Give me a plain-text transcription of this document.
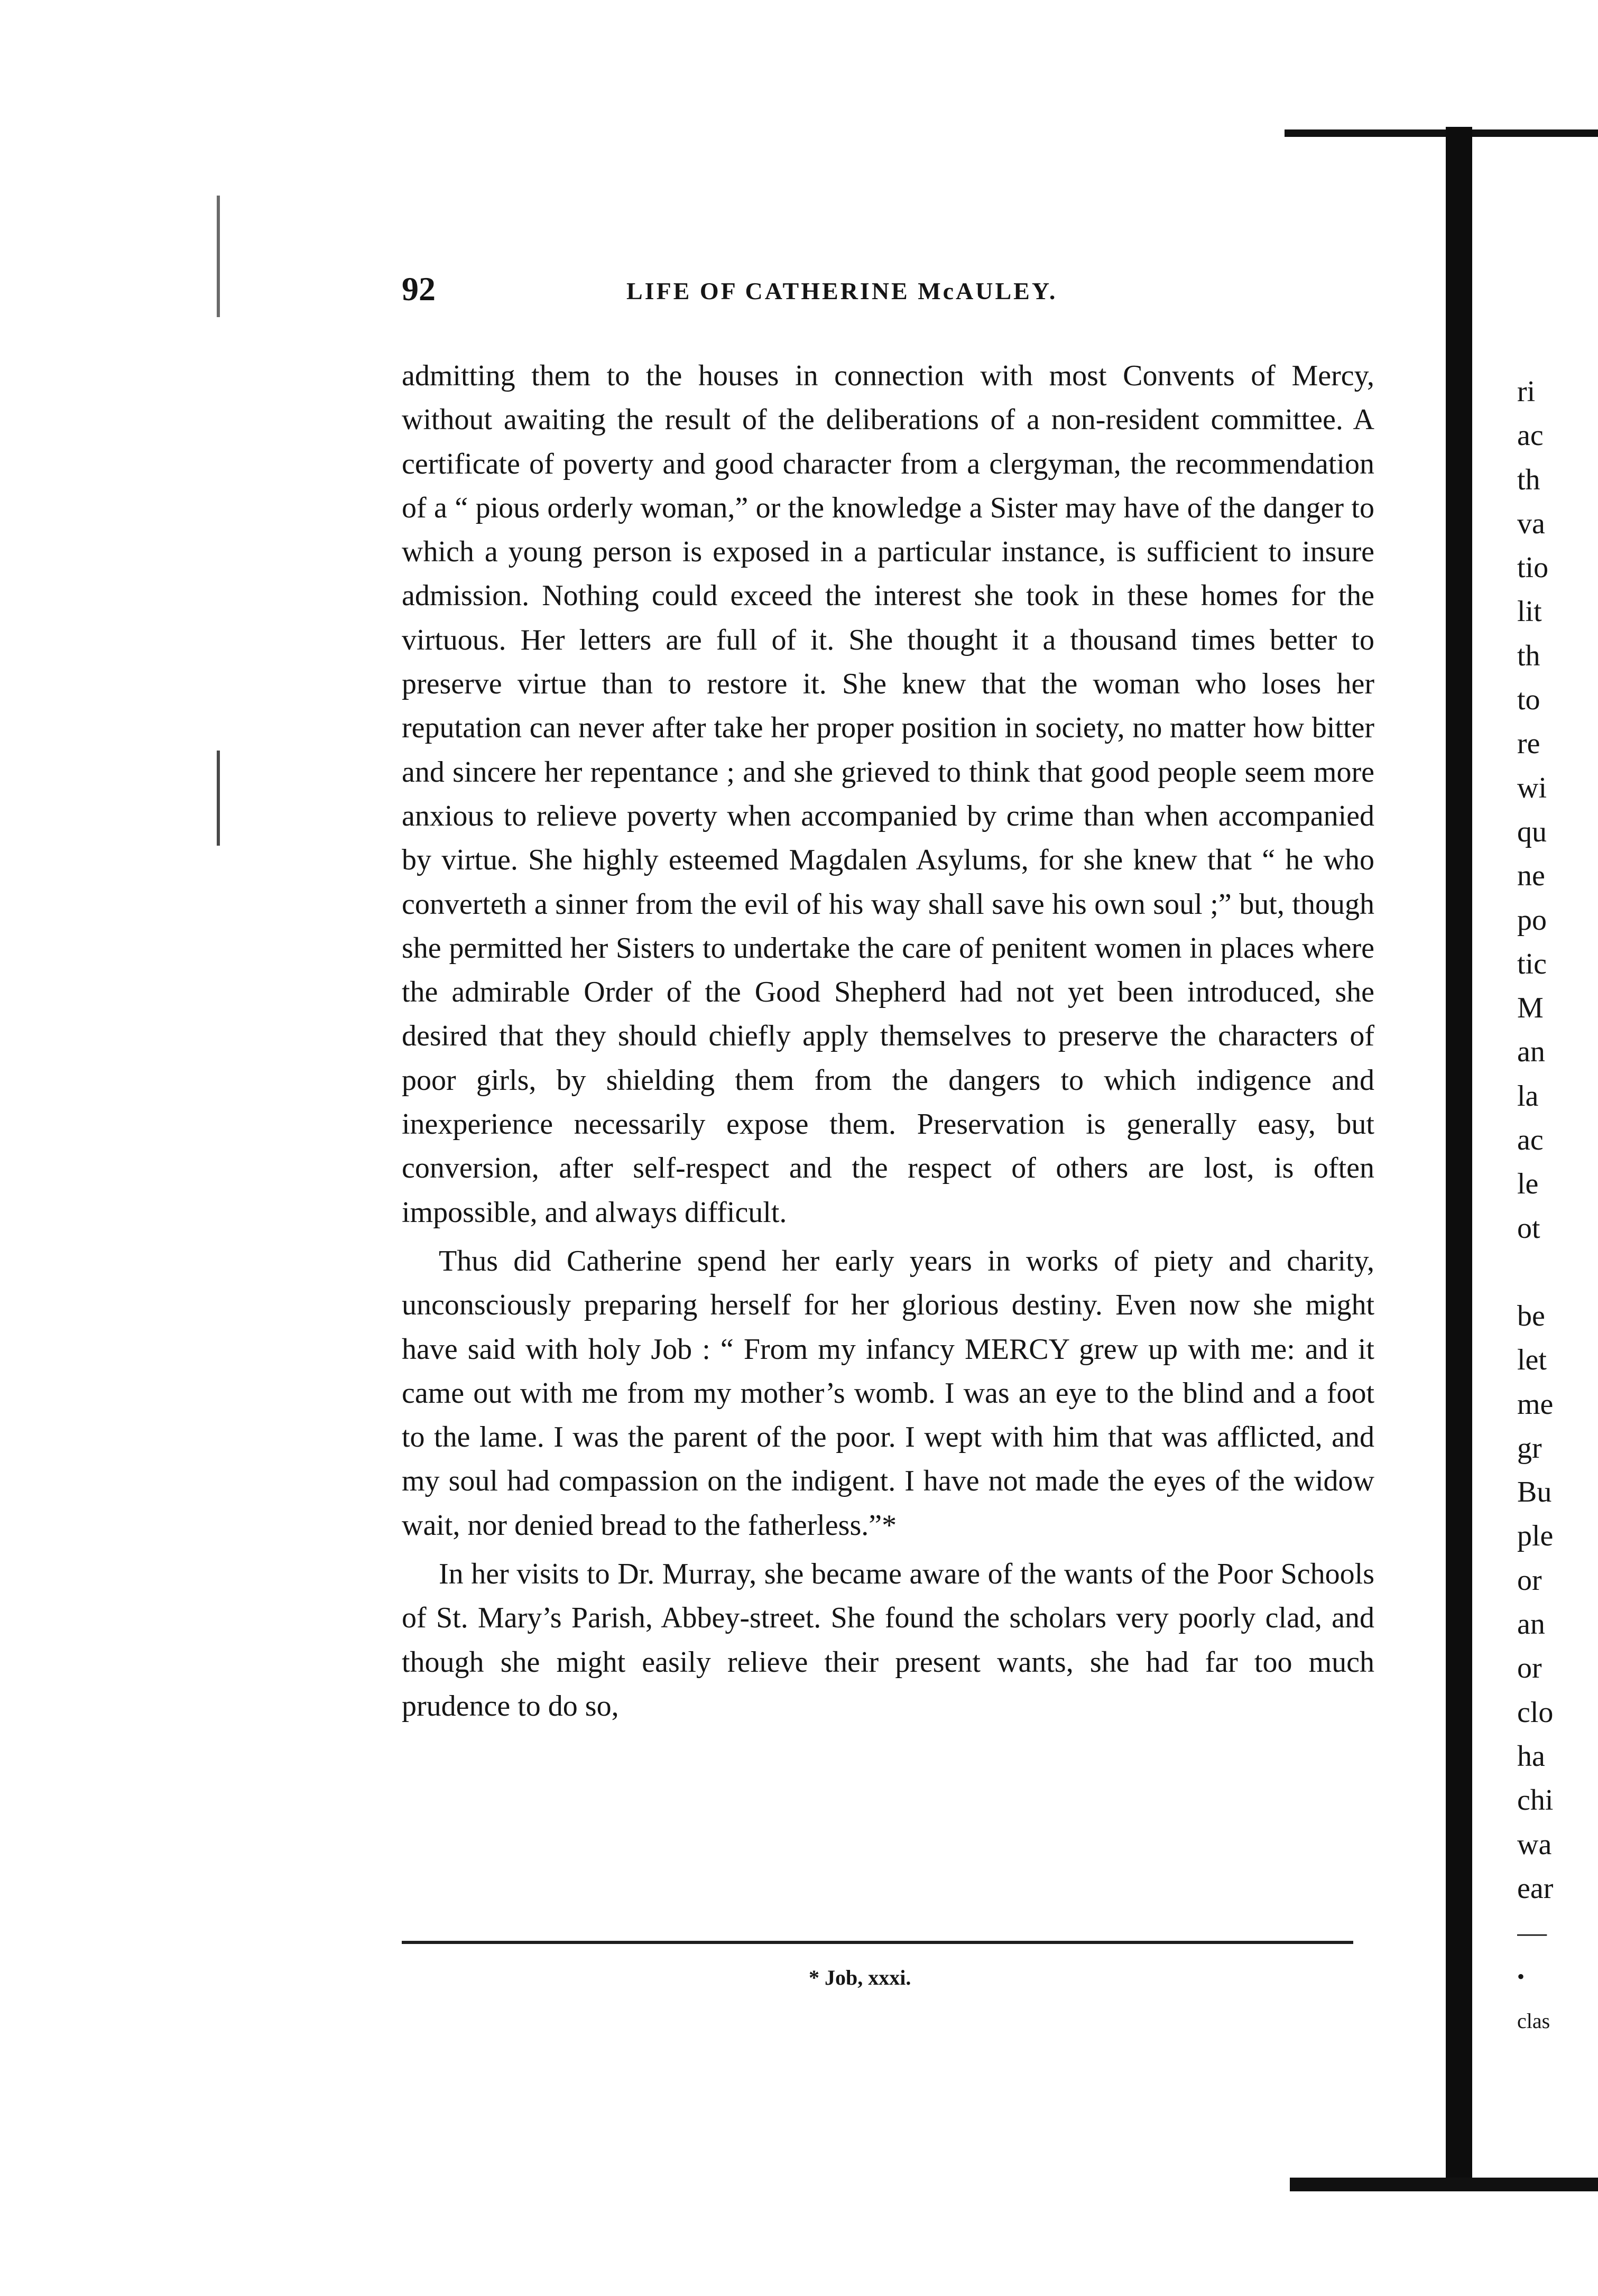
92	LIFE OF CATHERINE McAULEY.

admitting them to the houses in connection with most Convents of Mercy, without awaiting the result of the deliberations of a non-resident committee. A certificate of poverty and good character from a clergyman, the recommendation of a “ pious orderly woman,” or the knowledge a Sister may have of the danger to which a young person is exposed in a particular instance, is sufficient to insure admission. Nothing could exceed the interest she took in these homes for the virtuous. Her letters are full of it. She thought it a thousand times better to preserve virtue than to restore it. She knew that the woman who loses her reputation can never after take her proper position in society, no matter how bitter and sincere her repentance ; and she grieved to think that good people seem more anxious to relieve poverty when accompanied by crime than when accompanied by virtue. She highly esteemed Magdalen Asylums, for she knew that “ he who converteth a sinner from the evil of his way shall save his own soul ;” but, though she permitted her Sisters to undertake the care of penitent women in places where the admirable Order of the Good Shepherd had not yet been introduced, she desired that they should chiefly apply themselves to preserve the characters of poor girls, by shielding them from the dangers to which indigence and inexperience necessarily expose them. Preservation is generally easy, but conversion, after self-respect and the respect of others are lost, is often impossible, and always difficult.

Thus did Catherine spend her early years in works of piety and charity, unconsciously preparing herself for her glorious destiny. Even now she might have said with holy Job : “ From my infancy MERCY grew up with me: and it came out with me from my mother’s womb. I was an eye to the blind and a foot to the lame. I was the parent of the poor. I wept with him that was afflicted, and my soul had compassion on the indigent. I have not made the eyes of the widow wait, nor denied bread to the fatherless.”*

In her visits to Dr. Murray, she became aware of the wants of the Poor Schools of St. Mary’s Parish, Abbey-street. She found the scholars very poorly clad, and though she might easily relieve their present wants, she had far too much prudence to do so,

* Job, xxxi.
ri
ac
th
va
tio
lit
th
to
re
wi
qu
ne
po
tic
M
an
la
ac
le
ot
be
let
me
gr
Bu
ple
or
an
or
clo
ha
chi
wa
ear
—
•
clas
